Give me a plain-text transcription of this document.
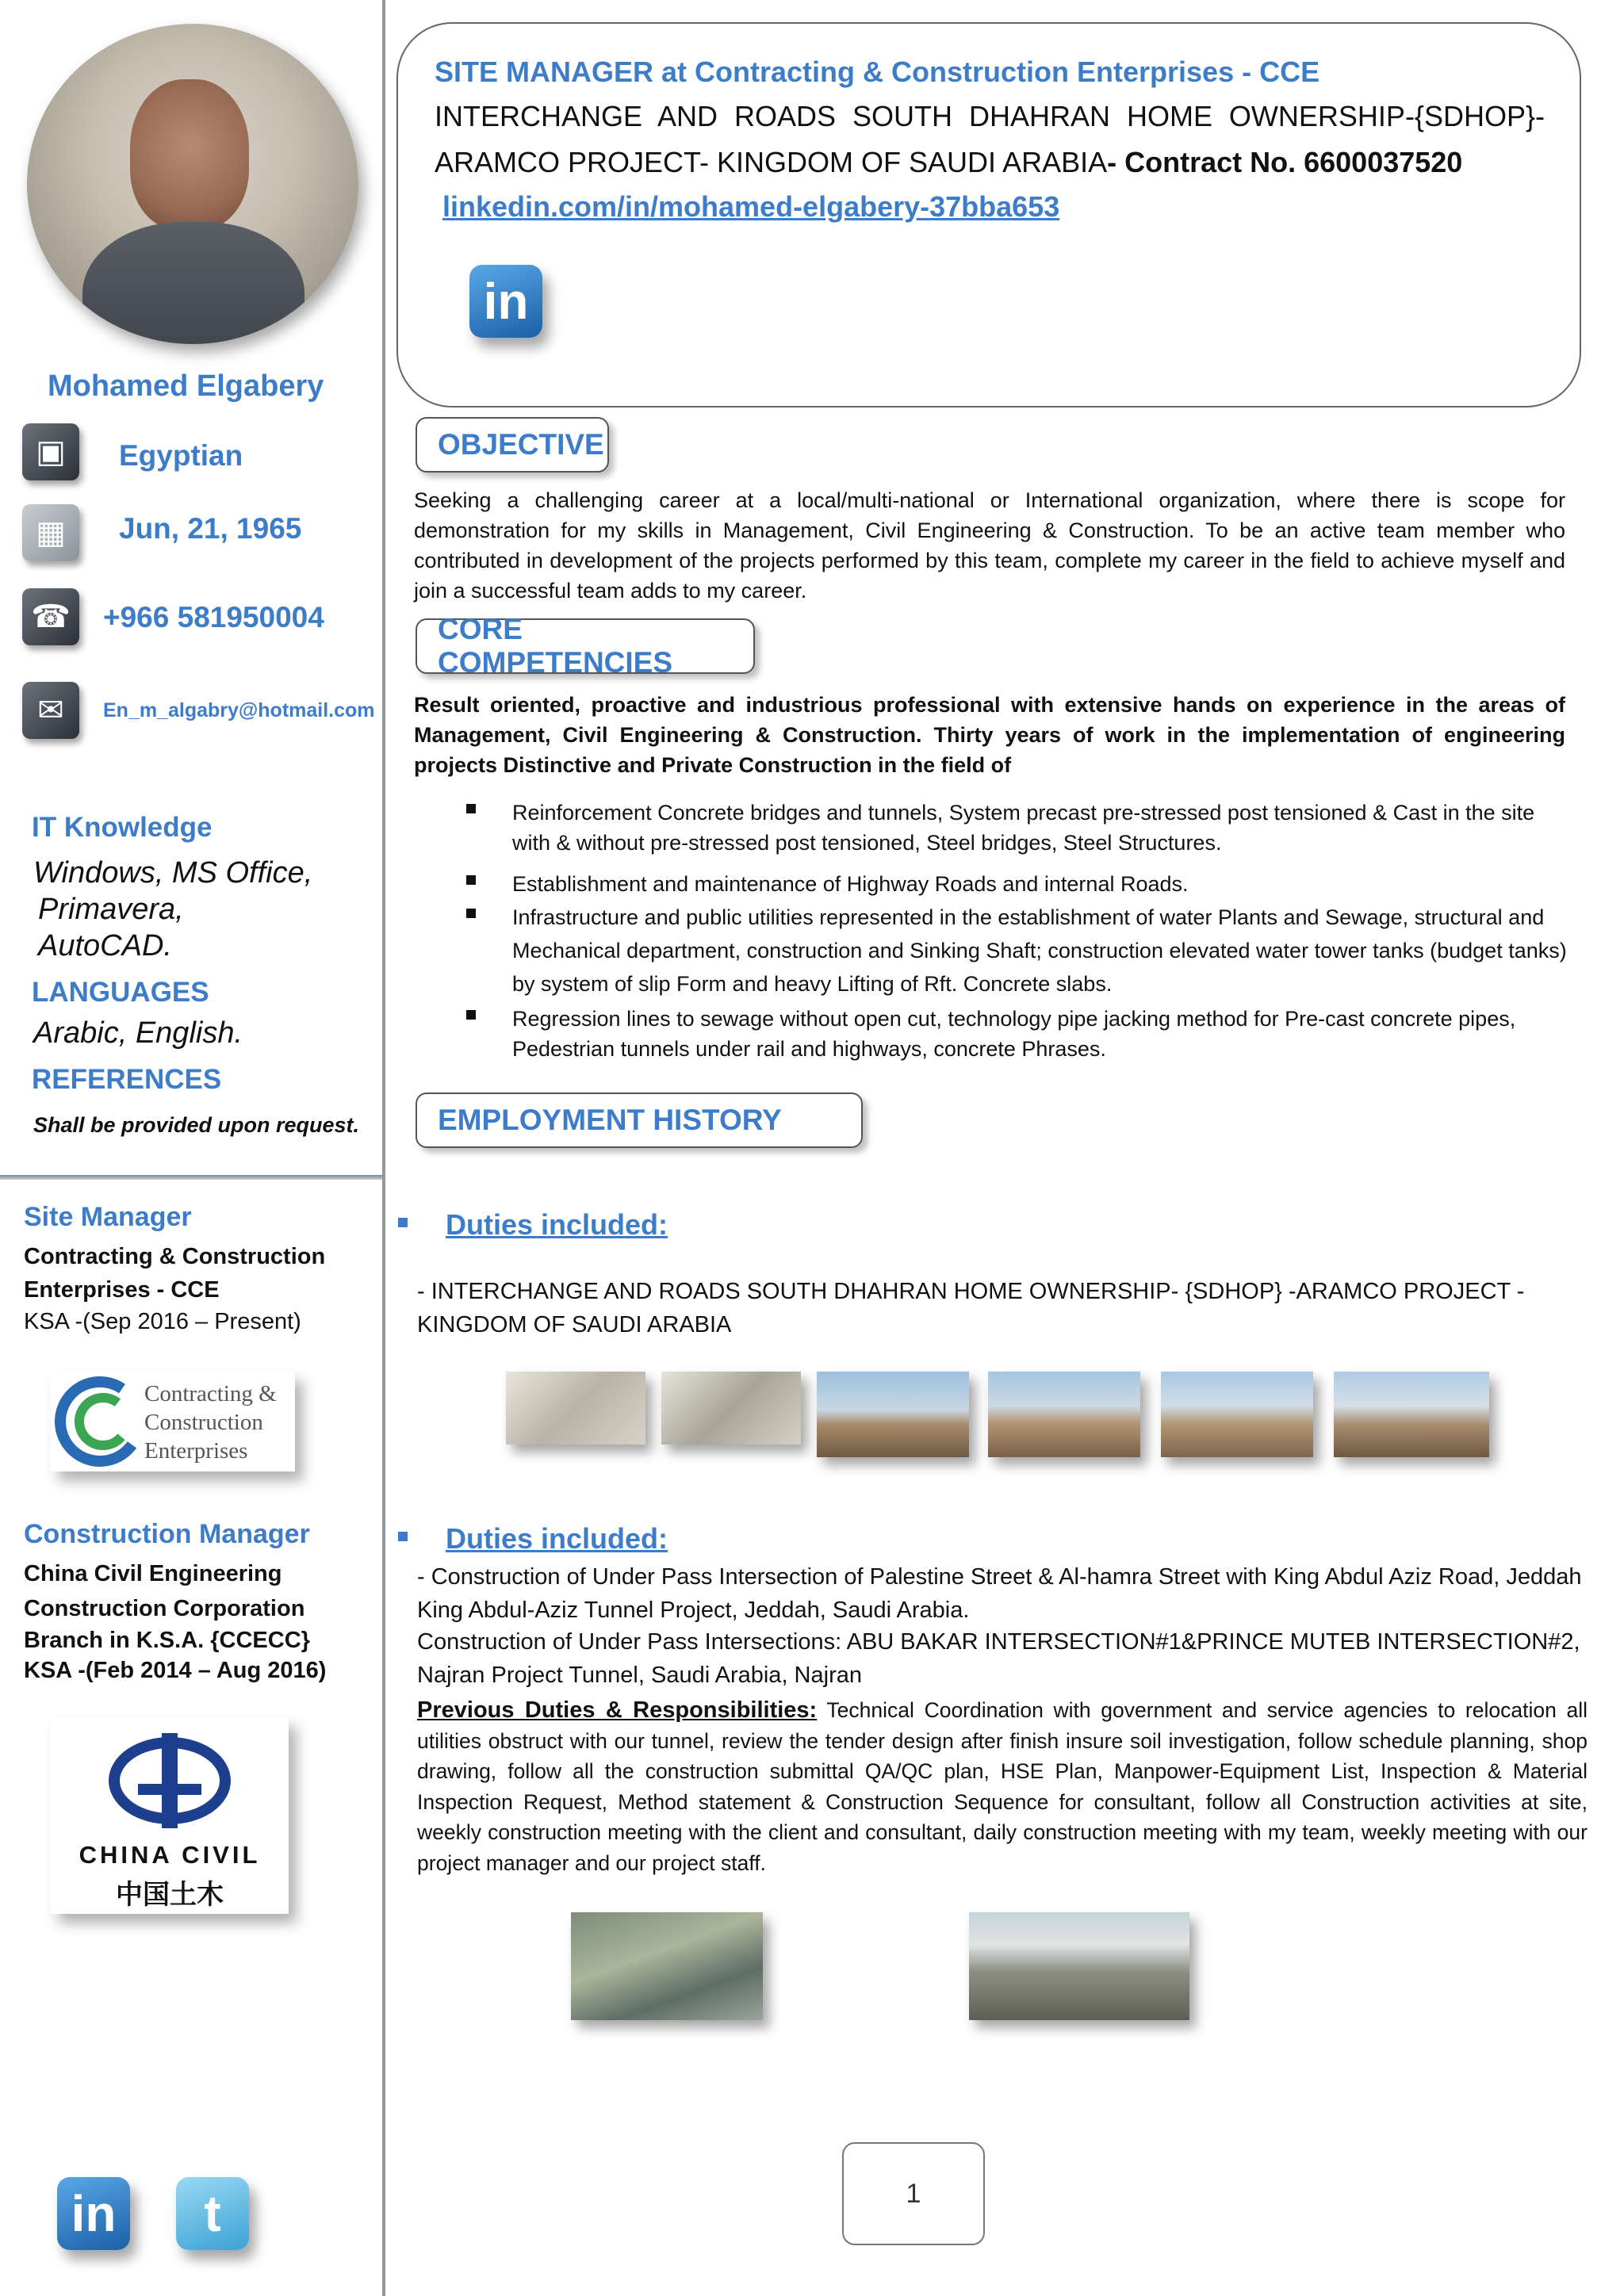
Mohamed Elgabery
▣	Egyptian
▦	Jun, 21, 1965
☎ +966 581950004
✉	En_m_algabry@hotmail.com
IT Knowledge
Windows, MS Office,
Primavera,
AutoCAD.
LANGUAGES
Arabic, English.
REFERENCES
Shall be provided upon request.
Site Manager
Contracting & Construction
Enterprises - CCE
KSA -(Sep 2016 – Present)
Contracting &
Construction
Enterprises
Construction Manager
China Civil Engineering
Construction Corporation
Branch in K.S.A. {CCECC}
KSA -(Feb 2014 – Aug 2016)
CHINA CIVIL
中国土木
in	t
SITE MANAGER at Contracting & Construction Enterprises - CCE
INTERCHANGE AND ROADS SOUTH DHAHRAN HOME OWNERSHIP-{SDHOP}-
ARAMCO PROJECT- KINGDOM OF SAUDI ARABIA- Contract No. 6600037520
linkedin.com/in/mohamed-elgabery-37bba653
in
OBJECTIVE
Seeking a challenging career at a local/multi-national or International organization, where there is scope for demonstration for my skills in Management, Civil Engineering & Construction. To be an active team member who contributed in development of the projects performed by this team, complete my career in the field to achieve myself and join a successful team adds to my career.
CORE COMPETENCIES
Result oriented, proactive and industrious professional with extensive hands on experience in the areas of Management, Civil Engineering & Construction. Thirty years of work in the implementation of engineering projects Distinctive and Private Construction in the field of
Reinforcement Concrete bridges and tunnels, System precast pre-stressed post tensioned & Cast in the site with & without pre-stressed post tensioned, Steel bridges, Steel Structures.
Establishment and maintenance of Highway Roads and internal Roads.
Infrastructure and public utilities represented in the establishment of water Plants and Sewage, structural and Mechanical department, construction and Sinking Shaft; construction elevated water tower tanks (budget tanks) by system of slip Form and heavy Lifting of Rft. Concrete slabs.
Regression lines to sewage without open cut, technology pipe jacking method for Pre-cast concrete pipes, Pedestrian tunnels under rail and highways, concrete Phrases.
EMPLOYMENT HISTORY
Duties included:
- INTERCHANGE AND ROADS SOUTH DHAHRAN HOME OWNERSHIP- {SDHOP} -ARAMCO PROJECT - KINGDOM OF SAUDI ARABIA
Duties included:
- Construction of Under Pass Intersection of Palestine Street & Al-hamra Street with King Abdul Aziz Road, Jeddah King Abdul-Aziz Tunnel Project, Jeddah, Saudi Arabia.
Construction of Under Pass Intersections: ABU BAKAR INTERSECTION#1&PRINCE MUTEB INTERSECTION#2, Najran Project Tunnel, Saudi Arabia, Najran
Previous Duties & Responsibilities: Technical Coordination with government and service agencies to relocation all utilities obstruct with our tunnel, review the tender design after finish insure soil investigation, follow schedule planning, shop drawing, follow all the construction submittal QA/QC plan, HSE Plan, Manpower-Equipment List, Inspection & Material Inspection Request, Method statement & Construction Sequence for consultant, follow all Construction activities at site, weekly construction meeting with the client and consultant, daily construction meeting with my team, weekly meeting with our project manager and our project staff.
1
